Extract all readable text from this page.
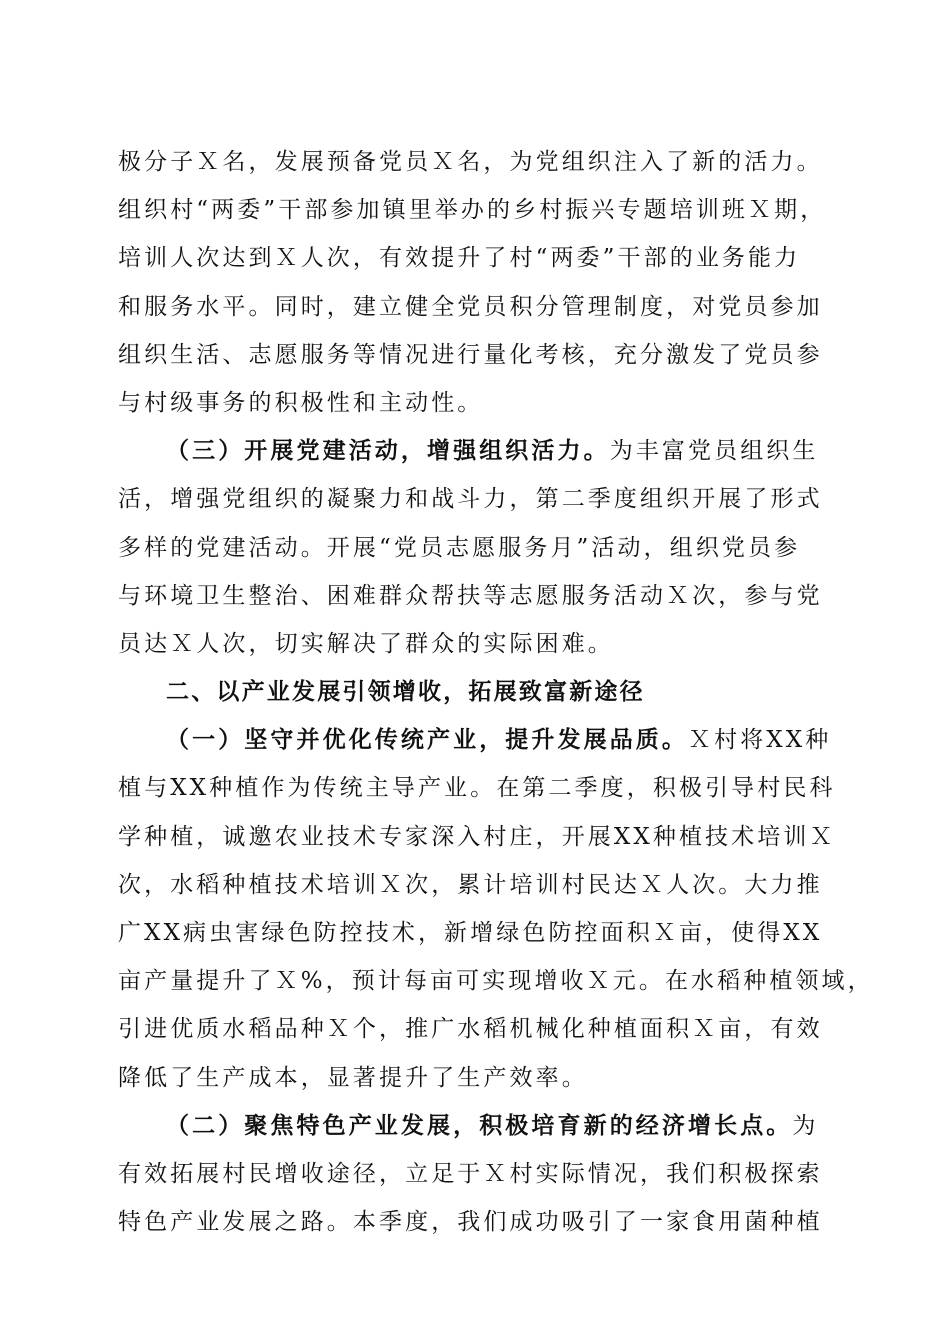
极分子Ｘ名，发展预备党员Ｘ名，为党组织注入了新的活力。
组织村“两委”干部参加镇里举办的乡村振兴专题培训班Ｘ期，
培训人次达到Ｘ人次，有效提升了村“两委”干部的业务能力
和服务水平。同时，建立健全党员积分管理制度，对党员参加
组织生活、志愿服务等情况进行量化考核，充分激发了党员参
与村级事务的积极性和主动性。
（三）开展党建活动，增强组织活力。为丰富党员组织生
活，增强党组织的凝聚力和战斗力，第二季度组织开展了形式
多样的党建活动。开展“党员志愿服务月”活动，组织党员参
与环境卫生整治、困难群众帮扶等志愿服务活动Ｘ次，参与党
员达Ｘ人次，切实解决了群众的实际困难。
二、以产业发展引领增收，拓展致富新途径
（一）坚守并优化传统产业，提升发展品质。Ｘ村将XX种
植与XX种植作为传统主导产业。在第二季度，积极引导村民科
学种植，诚邀农业技术专家深入村庄，开展XX种植技术培训Ｘ
次，水稻种植技术培训Ｘ次，累计培训村民达Ｘ人次。大力推
广XX病虫害绿色防控技术，新增绿色防控面积Ｘ亩，使得XX
亩产量提升了Ｘ%，预计每亩可实现增收Ｘ元。在水稻种植领域，
引进优质水稻品种Ｘ个，推广水稻机械化种植面积Ｘ亩，有效
降低了生产成本，显著提升了生产效率。
（二）聚焦特色产业发展，积极培育新的经济增长点。为
有效拓展村民增收途径，立足于Ｘ村实际情况，我们积极探索
特色产业发展之路。本季度，我们成功吸引了一家食用菌种植
